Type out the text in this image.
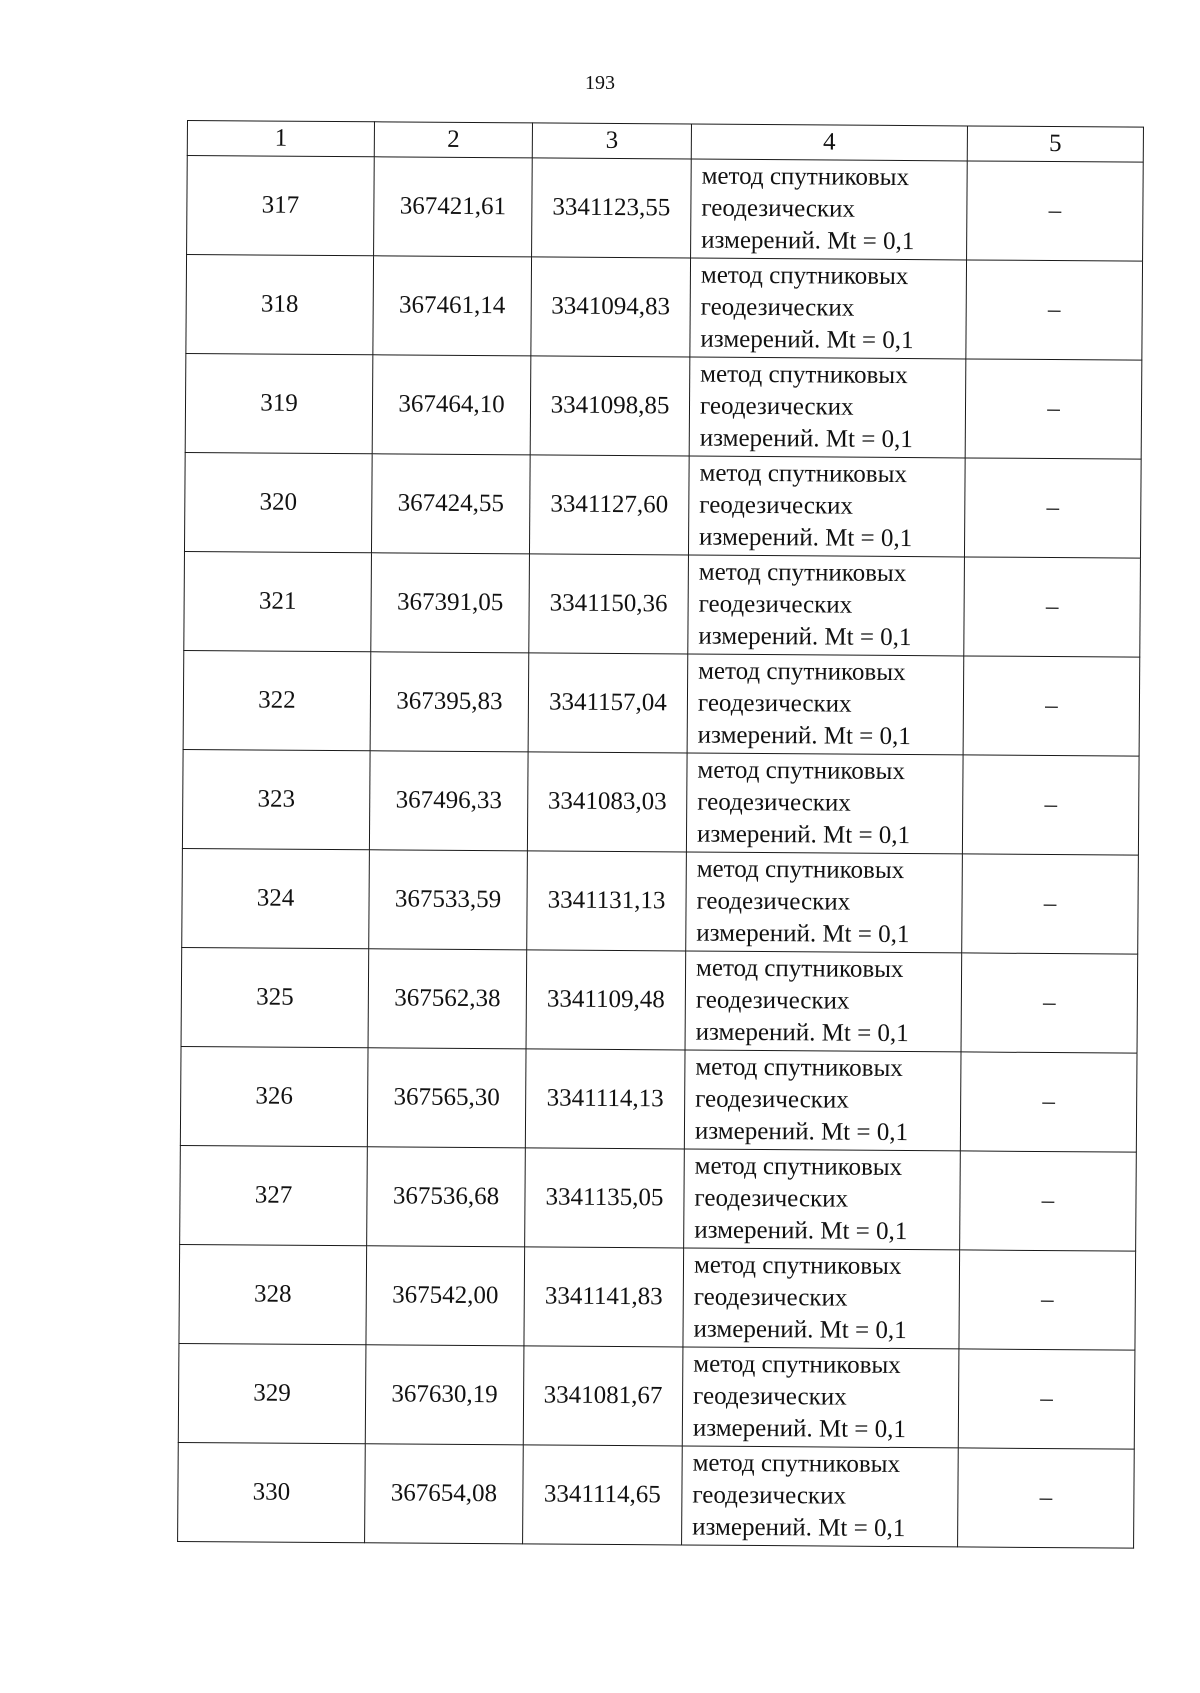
193
1	2	3	4	5
317	367421,61	3341123,55	метод спутниковых геодезических измерений. Mt = 0,1	–
318	367461,14	3341094,83	метод спутниковых геодезических измерений. Mt = 0,1	–
319	367464,10	3341098,85	метод спутниковых геодезических измерений. Mt = 0,1	–
320	367424,55	3341127,60	метод спутниковых геодезических измерений. Mt = 0,1	–
321	367391,05	3341150,36	метод спутниковых геодезических измерений. Mt = 0,1	–
322	367395,83	3341157,04	метод спутниковых геодезических измерений. Mt = 0,1	–
323	367496,33	3341083,03	метод спутниковых геодезических измерений. Mt = 0,1	–
324	367533,59	3341131,13	метод спутниковых геодезических измерений. Mt = 0,1	–
325	367562,38	3341109,48	метод спутниковых геодезических измерений. Mt = 0,1	–
326	367565,30	3341114,13	метод спутниковых геодезических измерений. Mt = 0,1	–
327	367536,68	3341135,05	метод спутниковых геодезических измерений. Mt = 0,1	–
328	367542,00	3341141,83	метод спутниковых геодезических измерений. Mt = 0,1	–
329	367630,19	3341081,67	метод спутниковых геодезических измерений. Mt = 0,1	–
330	367654,08	3341114,65	метод спутниковых геодезических измерений. Mt = 0,1	–
